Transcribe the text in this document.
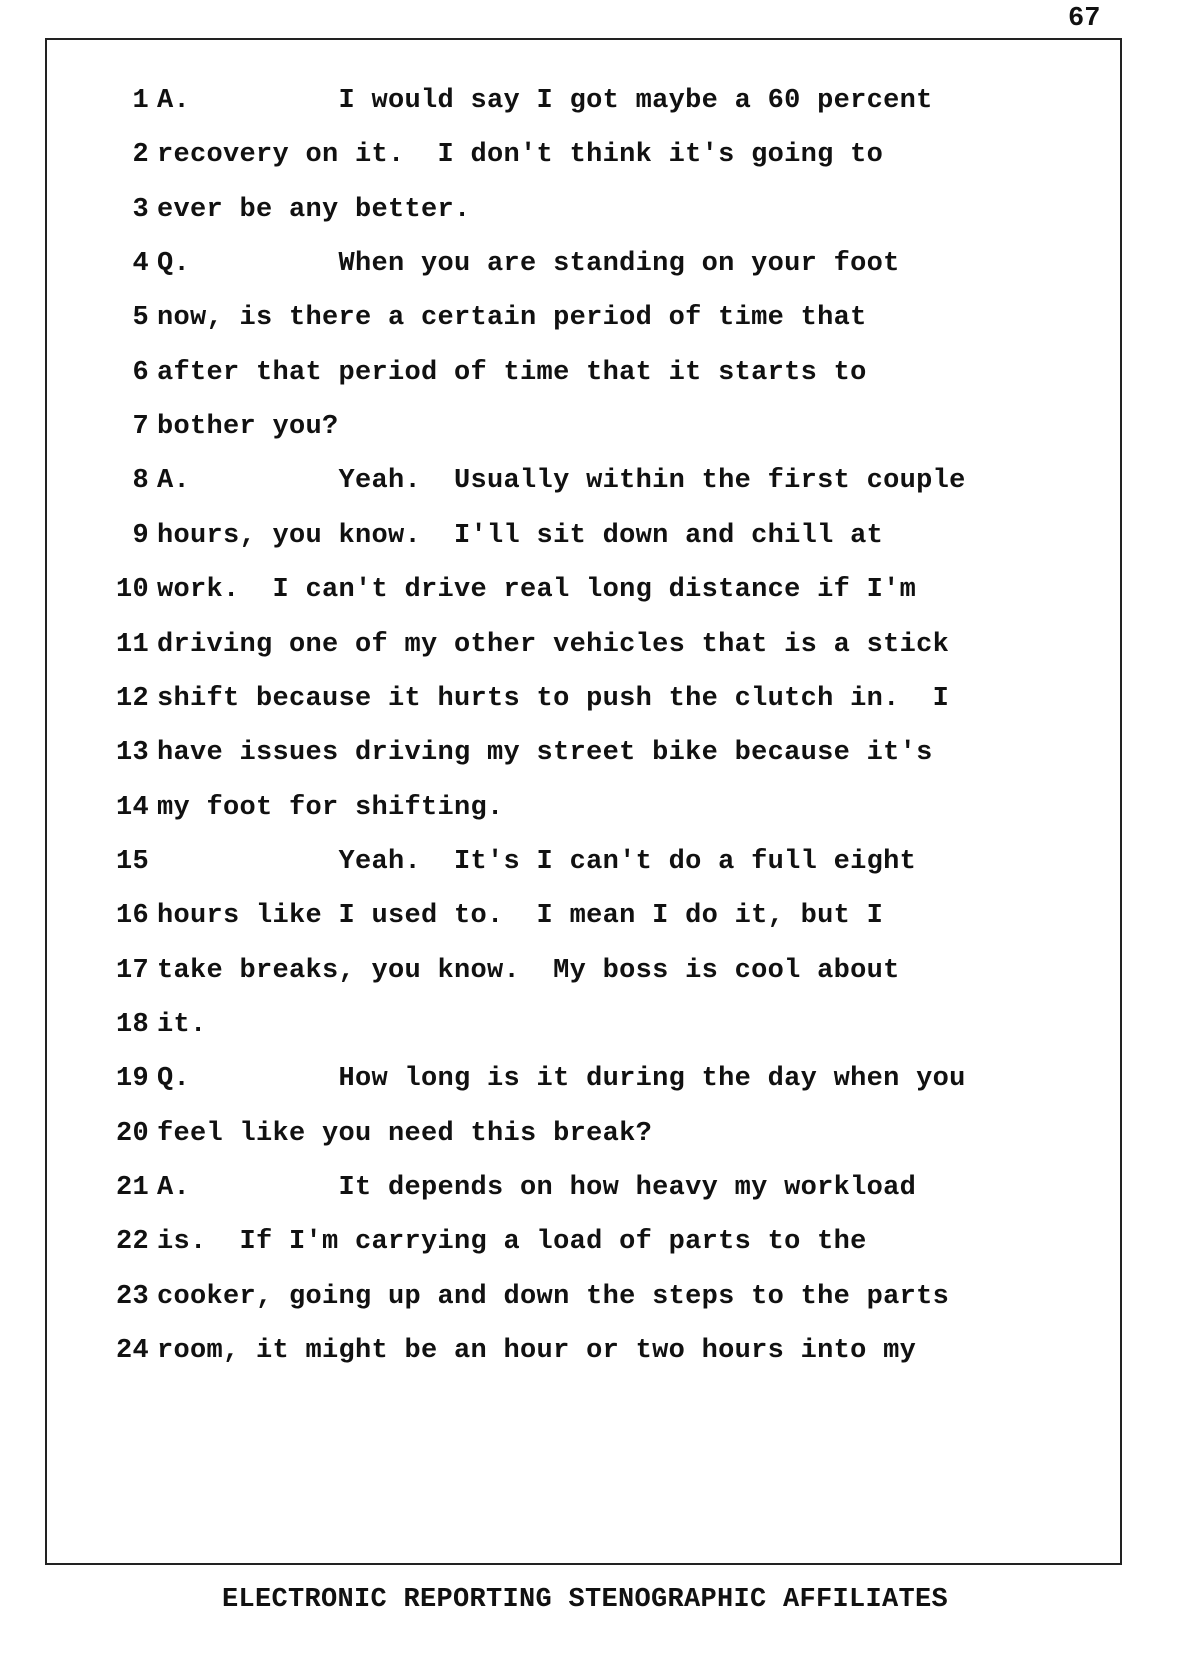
67
1 A.         I would say I got maybe a 60 percent
2 recovery on it.  I don't think it's going to
3 ever be any better.
4 Q.         When you are standing on your foot
5 now, is there a certain period of time that
6 after that period of time that it starts to
7 bother you?
8 A.         Yeah.  Usually within the first couple
9 hours, you know.  I'll sit down and chill at
10 work.  I can't drive real long distance if I'm
11 driving one of my other vehicles that is a stick
12 shift because it hurts to push the clutch in.  I
13 have issues driving my street bike because it's
14 my foot for shifting.
15 Yeah.  It's I can't do a full eight
16 hours like I used to.  I mean I do it, but I
17 take breaks, you know.  My boss is cool about
18 it.
19 Q.         How long is it during the day when you
20 feel like you need this break?
21 A.         It depends on how heavy my workload
22 is.  If I'm carrying a load of parts to the
23 cooker, going up and down the steps to the parts
24 room, it might be an hour or two hours into my
ELECTRONIC REPORTING STENOGRAPHIC AFFILIATES
